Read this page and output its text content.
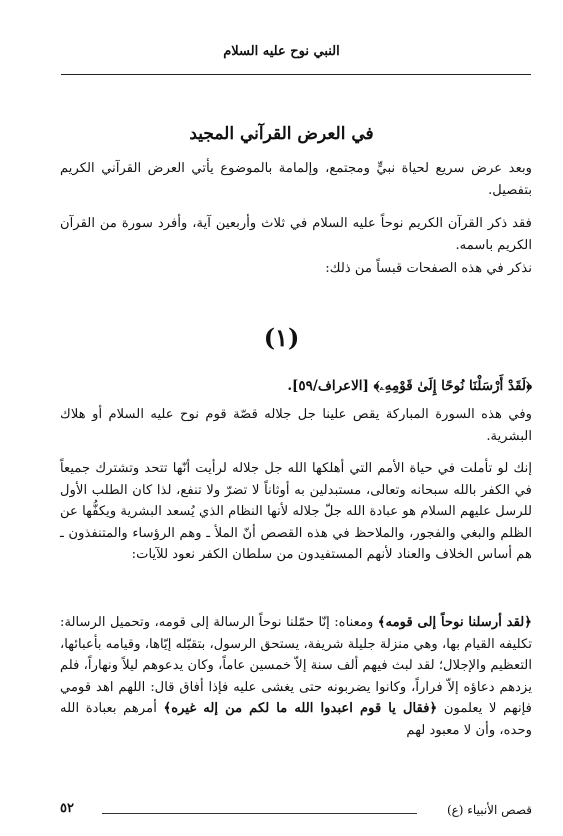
النبي نوح عليه السلام
في العرض القرآني المجيد
وبعد عرض سريع لحياة نبيٍّ ومجتمع، وإلمامة بالموضوع يأتي العرض القرآني الكريم بتفصيل.
فقد ذكر القرآن الكريم نوحاً عليه السلام في ثلاث وأربعين آية، وأفرد سورة من القرآن الكريم باسمه.
نذكر في هذه الصفحات قبساً من ذلك:
(١)
﴿لَقَدْ أَرْسَلْنَا نُوحًا إِلَىٰ قَوْمِهِۦ﴾ [الاعراف/٥٩].
وفي هذه السورة المباركة يقص علينا جل جلاله قصّة قوم نوح عليه السلام أو هلاك البشرية.
إنك لو تأملت في حياة الأمم التي أهلكها الله جل جلاله لرأيت أنّها تتحد وتشترك جميعاً في الكفر بالله سبحانه وتعالى، مستبدلين به أوثاناً لا تضرّ ولا تنفع، لذا كان الطلب الأول للرسل عليهم السلام هو عبادة الله جلّ جلاله لأنها النظام الذي يُسعد البشرية ويكفُّها عن الظلم والبغي والفجور، والملاحظ في هذه القصص أنّ الملأ ـ وهم الرؤساء والمتنفذون ـ هم أساس الخلاف والعناد لأنهم المستفيدون من سلطان الكفر نعود للآيات:
﴿لقد أرسلنا نوحاً إلى قومه﴾ ومعناه: إنّا حمّلنا نوحاً الرسالة إلى قومه، وتحميل الرسالة: تكليفه القيام بها، وهي منزلة جليلة شريفة، يستحق الرسول، بتقبّله إيّاها، وقيامه بأعبائها، التعظيم والإجلال؛ لقد لبث فيهم ألف سنة إلاّ خمسين عاماً، وكان يدعوهم ليلاً ونهاراً، فلم يزدهم دعاؤه إلاّ فراراً، وكانوا يضربونه حتى يغشى عليه فإذا أفاق قال: اللهم اهد قومي فإنهم لا يعلمون ﴿فقال يا قوم اعبدوا الله ما لكم من إله غيره﴾ أمرهم بعبادة الله وحده، وأن لا معبود لهم
قصص الأنبياء (ع)
٥٢
